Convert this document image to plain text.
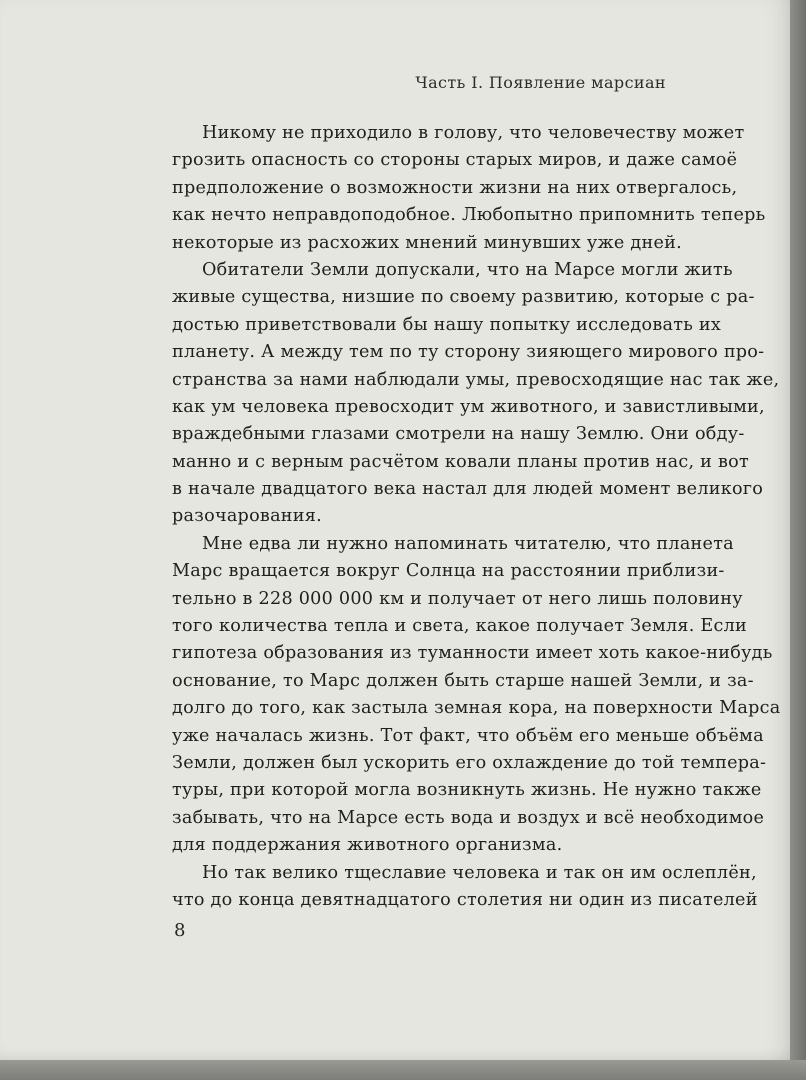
Часть I. Появление марсиан

Никому не приходило в голову, что человечеству может
грозить опасность со стороны старых миров, и даже самоё
предположение о возможности жизни на них отвергалось,
как нечто неправдоподобное. Любопытно припомнить теперь
некоторые из расхожих мнений минувших уже дней.

Обитатели Земли допускали, что на Марсе могли жить
живые существа, низшие по своему развитию, которые с ра-
достью приветствовали бы нашу попытку исследовать их
планету. А между тем по ту сторону зияющего мирового про-
странства за нами наблюдали умы, превосходящие нас так же,
как ум человека превосходит ум животного, и завистливыми,
враждебными глазами смотрели на нашу Землю. Они обду-
манно и с верным расчётом ковали планы против нас, и вот
в начале двадцатого века настал для людей момент великого
разочарования.

Мне едва ли нужно напоминать читателю, что планета
Марс вращается вокруг Солнца на расстоянии приблизи-
тельно в 228 000 000 км и получает от него лишь половину
того количества тепла и света, какое получает Земля. Если
гипотеза образования из туманности имеет хоть какое-нибудь
основание, то Марс должен быть старше нашей Земли, и за-
долго до того, как застыла земная кора, на поверхности Марса
уже началась жизнь. Тот факт, что объём его меньше объёма
Земли, должен был ускорить его охлаждение до той темпера-
туры, при которой могла возникнуть жизнь. Не нужно также
забывать, что на Марсе есть вода и воздух и всё необходимое
для поддержания животного организма.

Но так велико тщеславие человека и так он им ослеплён,
что до конца девятнадцатого столетия ни один из писателей

8
